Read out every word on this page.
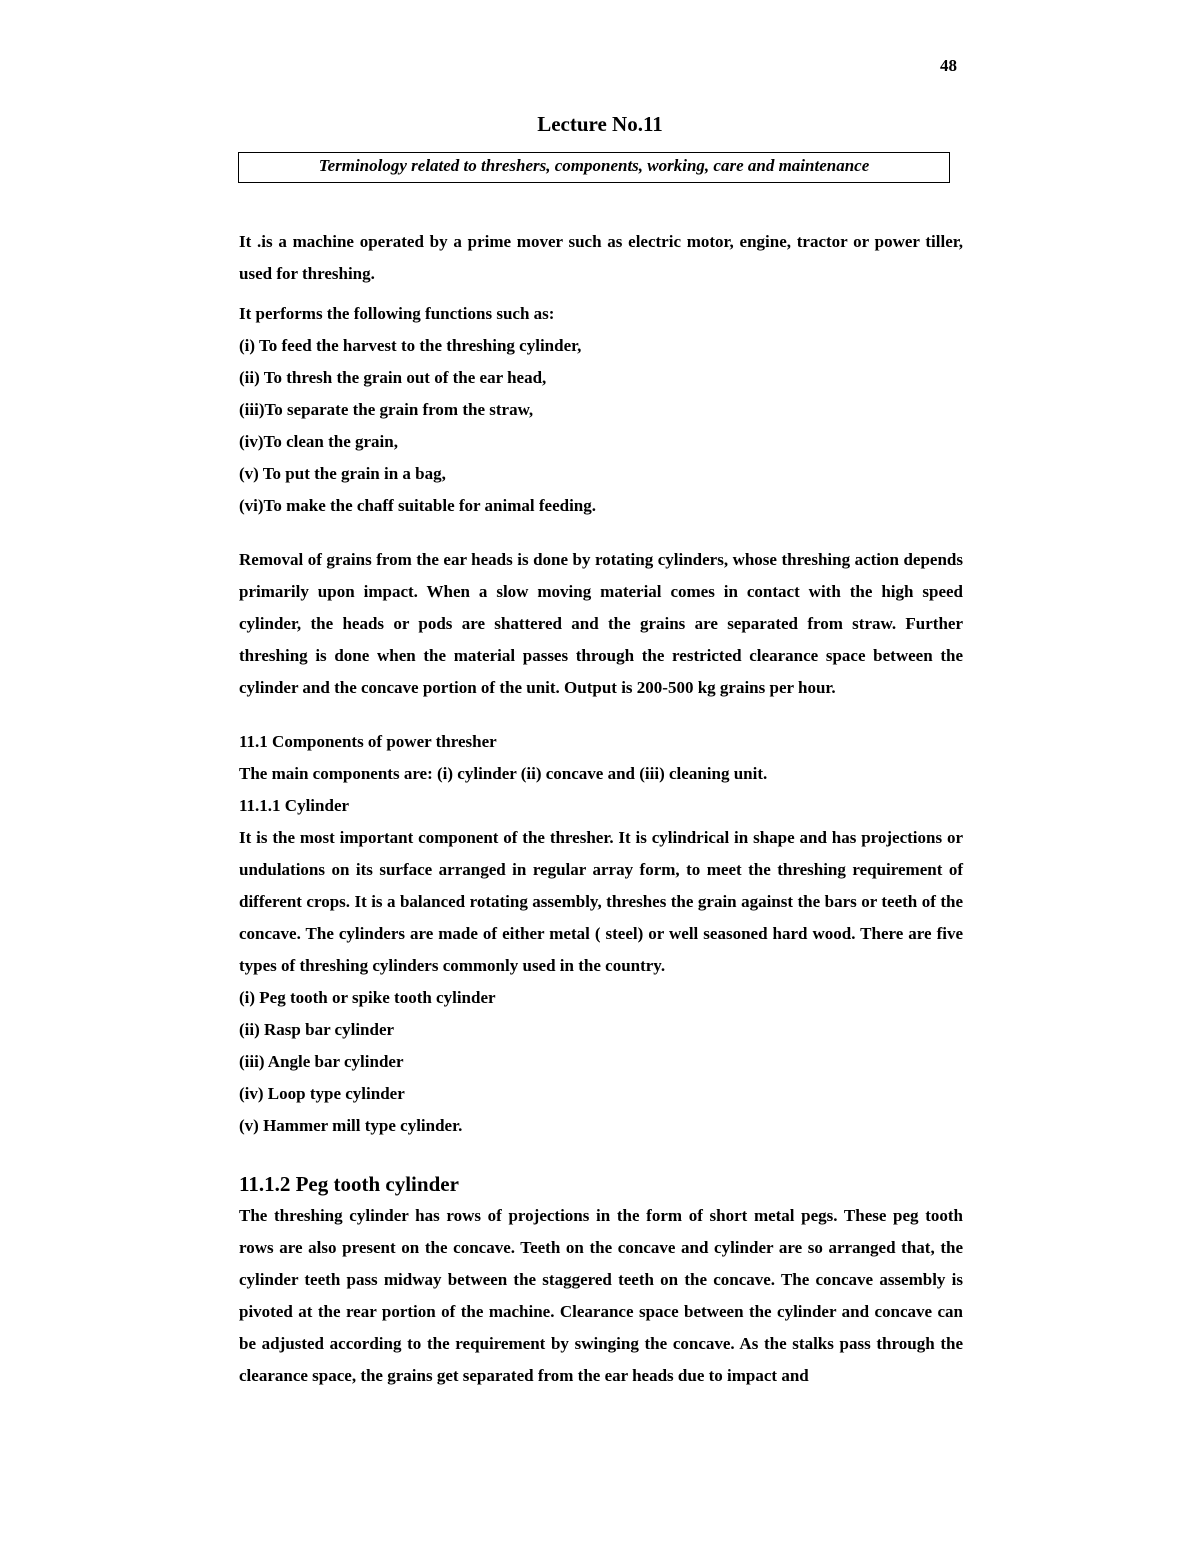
48
Lecture No.11
Terminology related to threshers, components, working, care and maintenance

It .is a machine operated by a prime mover such as electric motor, engine, tractor or power tiller, used for threshing.

It performs the following functions such as:

(i) To feed the harvest to the threshing cylinder,
(ii) To thresh the grain out of the ear head,
(iii)To separate the grain from the straw,
(iv)To clean the grain,
(v) To put the grain in a bag,
(vi)To make the chaff suitable for animal feeding.

Removal of grains from the ear heads is done by rotating cylinders, whose threshing action depends primarily upon impact. When a slow moving material comes in contact with the high speed cylinder, the heads or pods are shattered and the grains are separated from straw. Further threshing is done when the material passes through the restricted clearance space between the cylinder and the concave portion of the unit. Output is 200-500 kg grains per hour.

11.1 Components of power thresher

The main components are: (i) cylinder (ii) concave and (iii) cleaning unit.

11.1.1 Cylinder

It is the most important component of the thresher. It is cylindrical in shape and has projections or undulations on its surface arranged in regular array form, to meet the threshing requirement of different crops. It is a balanced rotating assembly, threshes the grain against the bars or teeth of the concave. The cylinders are made of either metal ( steel) or well seasoned hard wood. There are five types of threshing cylinders commonly used in the country.

(i) Peg tooth or spike tooth cylinder
(ii) Rasp bar cylinder
(iii) Angle bar cylinder
(iv) Loop type cylinder
(v) Hammer mill type cylinder.

11.1.2 Peg tooth cylinder

The threshing cylinder has rows of projections in the form of short metal pegs. These peg tooth rows are also present on the concave. Teeth on the concave and cylinder are so arranged that, the cylinder teeth pass midway between the staggered teeth on the concave. The concave assembly is pivoted at the rear portion of the machine. Clearance space between the cylinder and concave can be adjusted according to the requirement by swinging the concave. As the stalks pass through the clearance space, the grains get separated from the ear heads due to impact and
